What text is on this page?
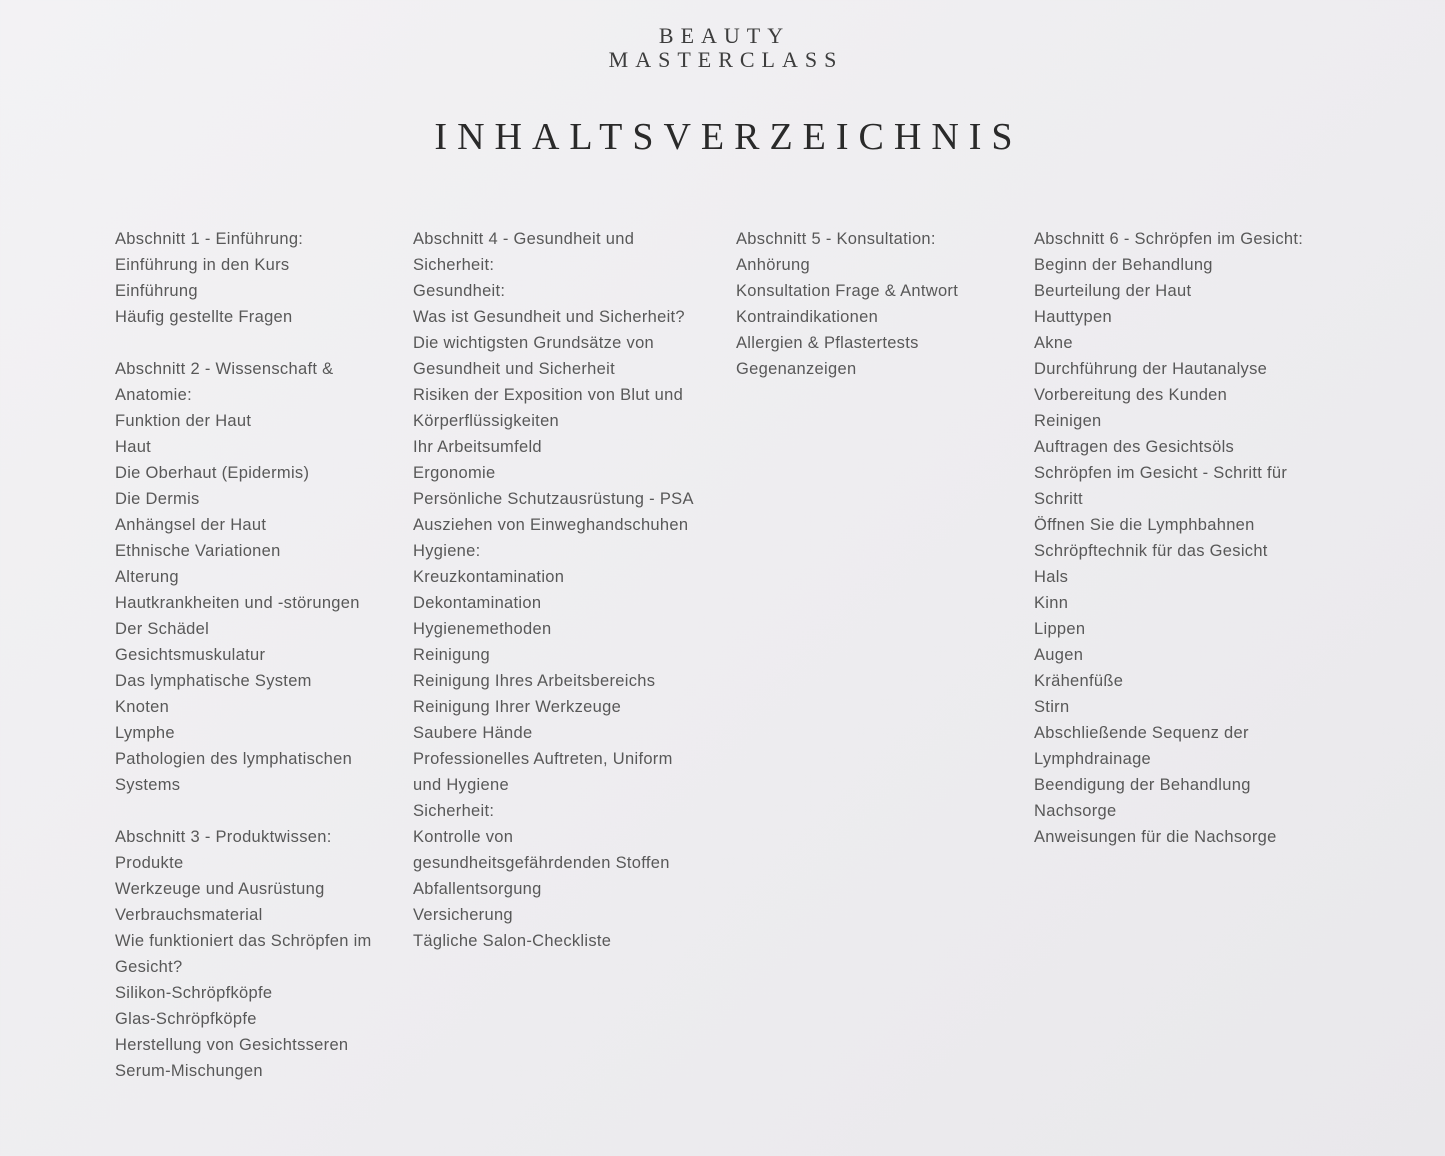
BEAUTY
MASTERCLASS
INHALTSVERZEICHNIS
Abschnitt 1 - Einführung:
Einführung in den Kurs
Einführung
Häufig gestellte Fragen
Abschnitt 2 - Wissenschaft &
Anatomie:
Funktion der Haut
Haut
Die Oberhaut (Epidermis)
Die Dermis
Anhängsel der Haut
Ethnische Variationen
Alterung
Hautkrankheiten und -störungen
Der Schädel
Gesichtsmuskulatur
Das lymphatische System
Knoten
Lymphe
Pathologien des lymphatischen
Systems
Abschnitt 3 - Produktwissen:
Produkte
Werkzeuge und Ausrüstung
Verbrauchsmaterial
Wie funktioniert das Schröpfen im
Gesicht?
Silikon-Schröpfköpfe
Glas-Schröpfköpfe
Herstellung von Gesichtsseren
Serum-Mischungen
Abschnitt 4 - Gesundheit und
Sicherheit:
Gesundheit:
Was ist Gesundheit und Sicherheit?
Die wichtigsten Grundsätze von
Gesundheit und Sicherheit
Risiken der Exposition von Blut und
Körperflüssigkeiten
Ihr Arbeitsumfeld
Ergonomie
Persönliche Schutzausrüstung - PSA
Ausziehen von Einweghandschuhen
Hygiene:
Kreuzkontamination
Dekontamination
Hygienemethoden
Reinigung
Reinigung Ihres Arbeitsbereichs
Reinigung Ihrer Werkzeuge
Saubere Hände
Professionelles Auftreten, Uniform
und Hygiene
Sicherheit:
Kontrolle von
gesundheitsgefährdenden Stoffen
Abfallentsorgung
Versicherung
Tägliche Salon-Checkliste
Abschnitt 5 - Konsultation:
Anhörung
Konsultation Frage & Antwort
Kontraindikationen
Allergien & Pflastertests
Gegenanzeigen
Abschnitt 6 - Schröpfen im Gesicht:
Beginn der Behandlung
Beurteilung der Haut
Hauttypen
Akne
Durchführung der Hautanalyse
Vorbereitung des Kunden
Reinigen
Auftragen des Gesichtsöls
Schröpfen im Gesicht - Schritt für
Schritt
Öffnen Sie die Lymphbahnen
Schröpftechnik für das Gesicht
Hals
Kinn
Lippen
Augen
Krähenfüße
Stirn
Abschließende Sequenz der
Lymphdrainage
Beendigung der Behandlung
Nachsorge
Anweisungen für die Nachsorge
